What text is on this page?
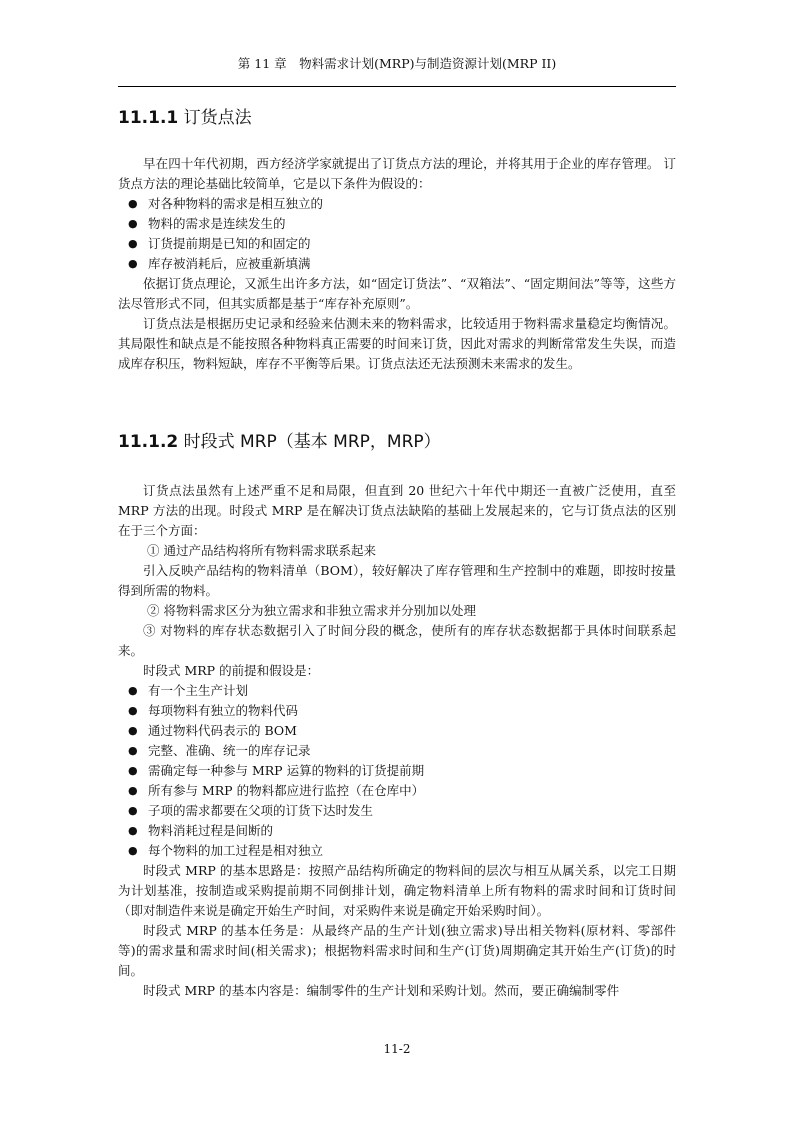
第 11 章　物料需求计划(MRP)与制造资源计划(MRP II)
11.1.1 订货点法

早在四十年代初期，西方经济学家就提出了订货点方法的理论，并将其用于企业的库存管理。 订货点方法的理论基础比较简单，它是以下条件为假设的：

● 对各种物料的需求是相互独立的

● 物料的需求是连续发生的

● 订货提前期是已知的和固定的

● 库存被消耗后，应被重新填满

依据订货点理论，又派生出许多方法，如“固定订货法”、“双箱法”、“固定期间法”等等，这些方法尽管形式不同，但其实质都是基于“库存补充原则”。

订货点法是根据历史记录和经验来估测未来的物料需求，比较适用于物料需求量稳定均衡情况。其局限性和缺点是不能按照各种物料真正需要的时间来订货，因此对需求的判断常常发生失误，而造成库存积压，物料短缺，库存不平衡等后果。订货点法还无法预测未来需求的发生。

11.1.2 时段式 MRP（基本 MRP，MRP）

订货点法虽然有上述严重不足和局限，但直到 20 世纪六十年代中期还一直被广泛使用，直至 MRP 方法的出现。时段式 MRP 是在解决订货点法缺陷的基础上发展起来的，它与订货点法的区别在于三个方面：

① 通过产品结构将所有物料需求联系起来

引入反映产品结构的物料清单（BOM），较好解决了库存管理和生产控制中的难题，即按时按量得到所需的物料。

② 将物料需求区分为独立需求和非独立需求并分别加以处理

③ 对物料的库存状态数据引入了时间分段的概念，使所有的库存状态数据都于具体时间联系起来。

时段式 MRP 的前提和假设是：

● 有一个主生产计划

● 每项物料有独立的物料代码

● 通过物料代码表示的 BOM

● 完整、准确、统一的库存记录

● 需确定每一种参与 MRP 运算的物料的订货提前期

● 所有参与 MRP 的物料都应进行监控（在仓库中）

● 子项的需求都要在父项的订货下达时发生

● 物料消耗过程是间断的

● 每个物料的加工过程是相对独立

时段式 MRP 的基本思路是：按照产品结构所确定的物料间的层次与相互从属关系，以完工日期为计划基准，按制造或采购提前期不同倒排计划，确定物料清单上所有物料的需求时间和订货时间（即对制造件来说是确定开始生产时间，对采购件来说是确定开始采购时间）。

时段式 MRP 的基本任务是：从最终产品的生产计划(独立需求)导出相关物料(原材料、零部件等)的需求量和需求时间(相关需求)；根据物料需求时间和生产(订货)周期确定其开始生产(订货)的时间。

时段式 MRP 的基本内容是：编制零件的生产计划和采购计划。然而，要正确编制零件

11-2
